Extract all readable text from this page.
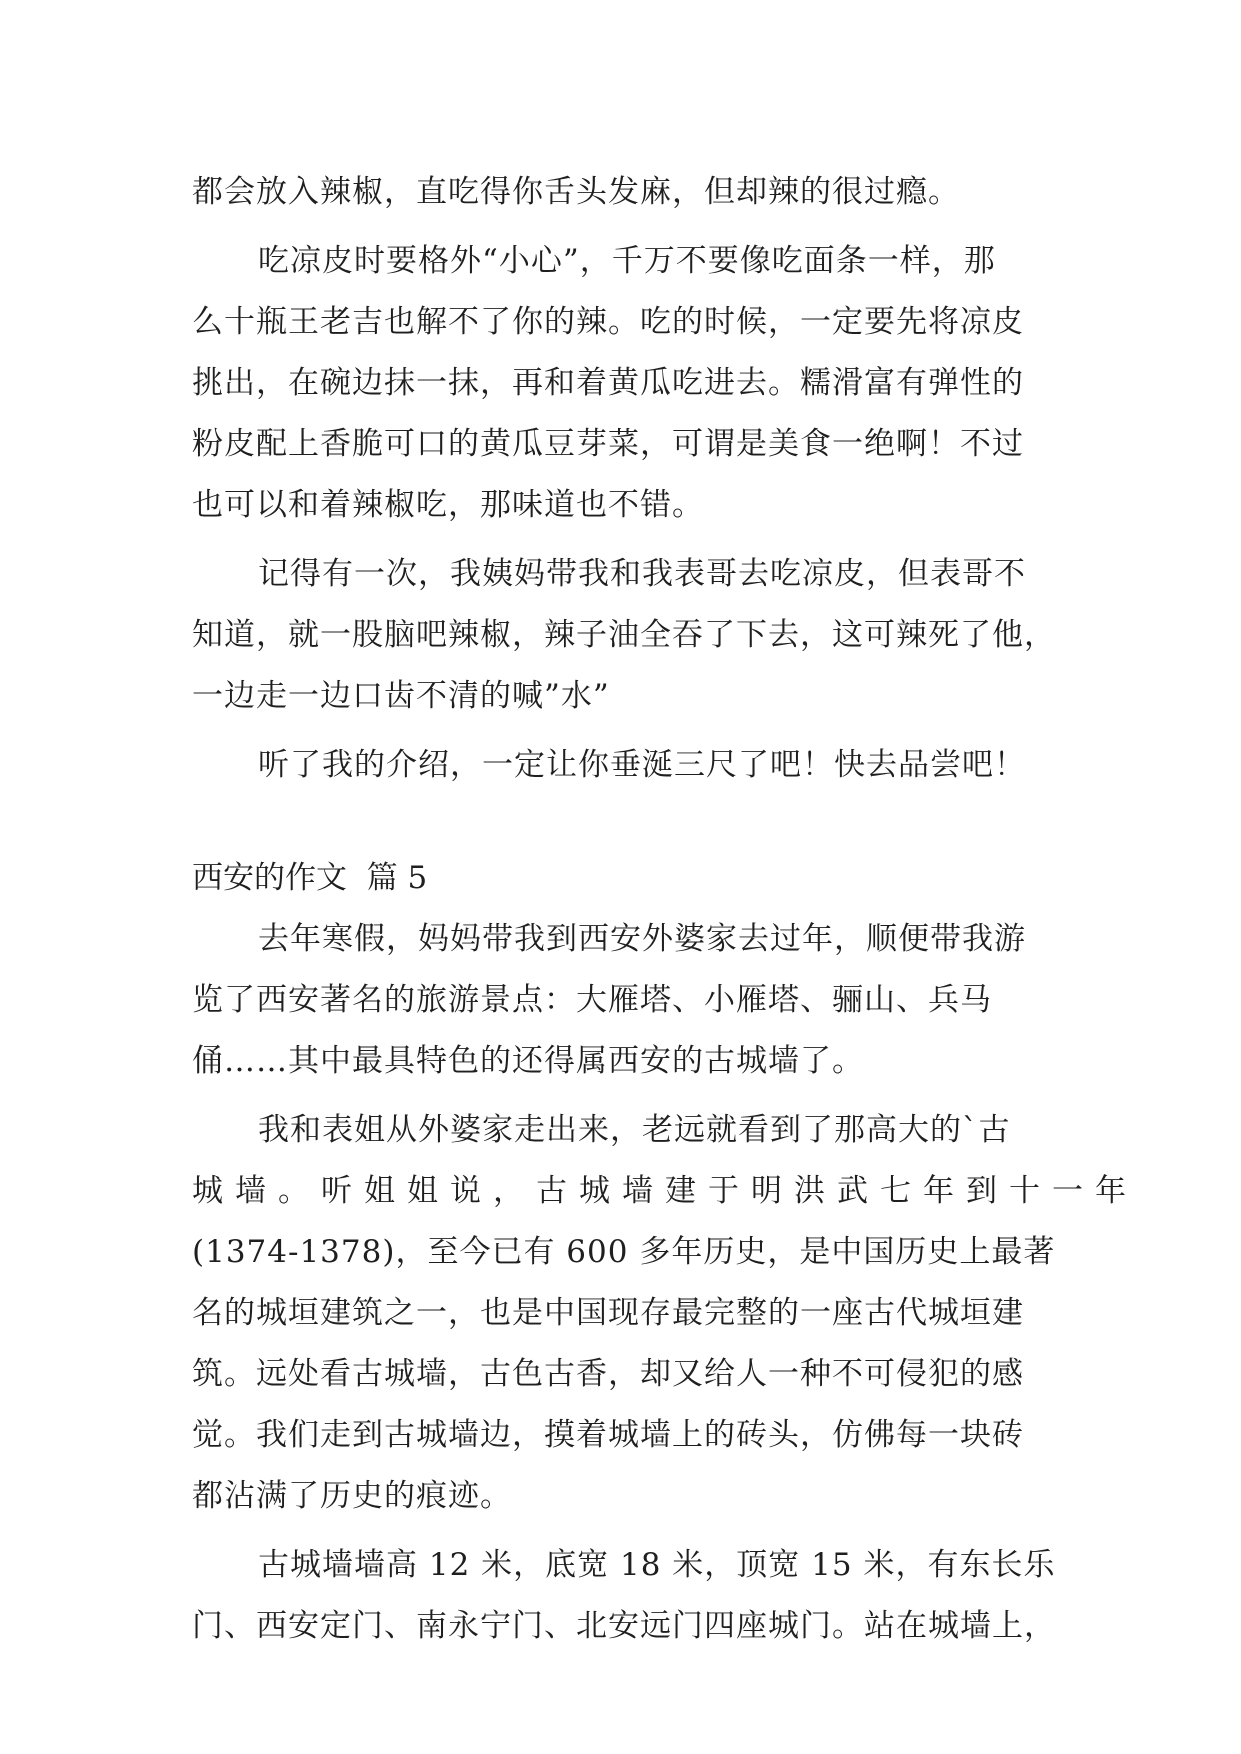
都会放入辣椒，直吃得你舌头发麻，但却辣的很过瘾。
吃凉皮时要格外“小心”，千万不要像吃面条一样，那
么十瓶王老吉也解不了你的辣。吃的时候，一定要先将凉皮
挑出，在碗边抹一抹，再和着黄瓜吃进去。糯滑富有弹性的
粉皮配上香脆可口的黄瓜豆芽菜，可谓是美食一绝啊！不过
也可以和着辣椒吃，那味道也不错。
记得有一次，我姨妈带我和我表哥去吃凉皮，但表哥不
知道，就一股脑吧辣椒，辣子油全吞了下去，这可辣死了他，
一边走一边口齿不清的喊”水”
听了我的介绍，一定让你垂涎三尺了吧！快去品尝吧！
西安的作文  篇 5
去年寒假，妈妈带我到西安外婆家去过年，顺便带我游
览了西安著名的旅游景点：大雁塔、小雁塔、骊山、兵马
俑……其中最具特色的还得属西安的古城墙了。
我和表姐从外婆家走出来，老远就看到了那高大的`古
城墙。听姐姐说，古城墙建于明洪武七年到十一年
(1374-1378)，至今已有 600 多年历史，是中国历史上最著
名的城垣建筑之一，也是中国现存最完整的一座古代城垣建
筑。远处看古城墙，古色古香，却又给人一种不可侵犯的感
觉。我们走到古城墙边，摸着城墙上的砖头，仿佛每一块砖
都沾满了历史的痕迹。
古城墙墙高 12 米，底宽 18 米，顶宽 15 米，有东长乐
门、西安定门、南永宁门、北安远门四座城门。站在城墙上，
